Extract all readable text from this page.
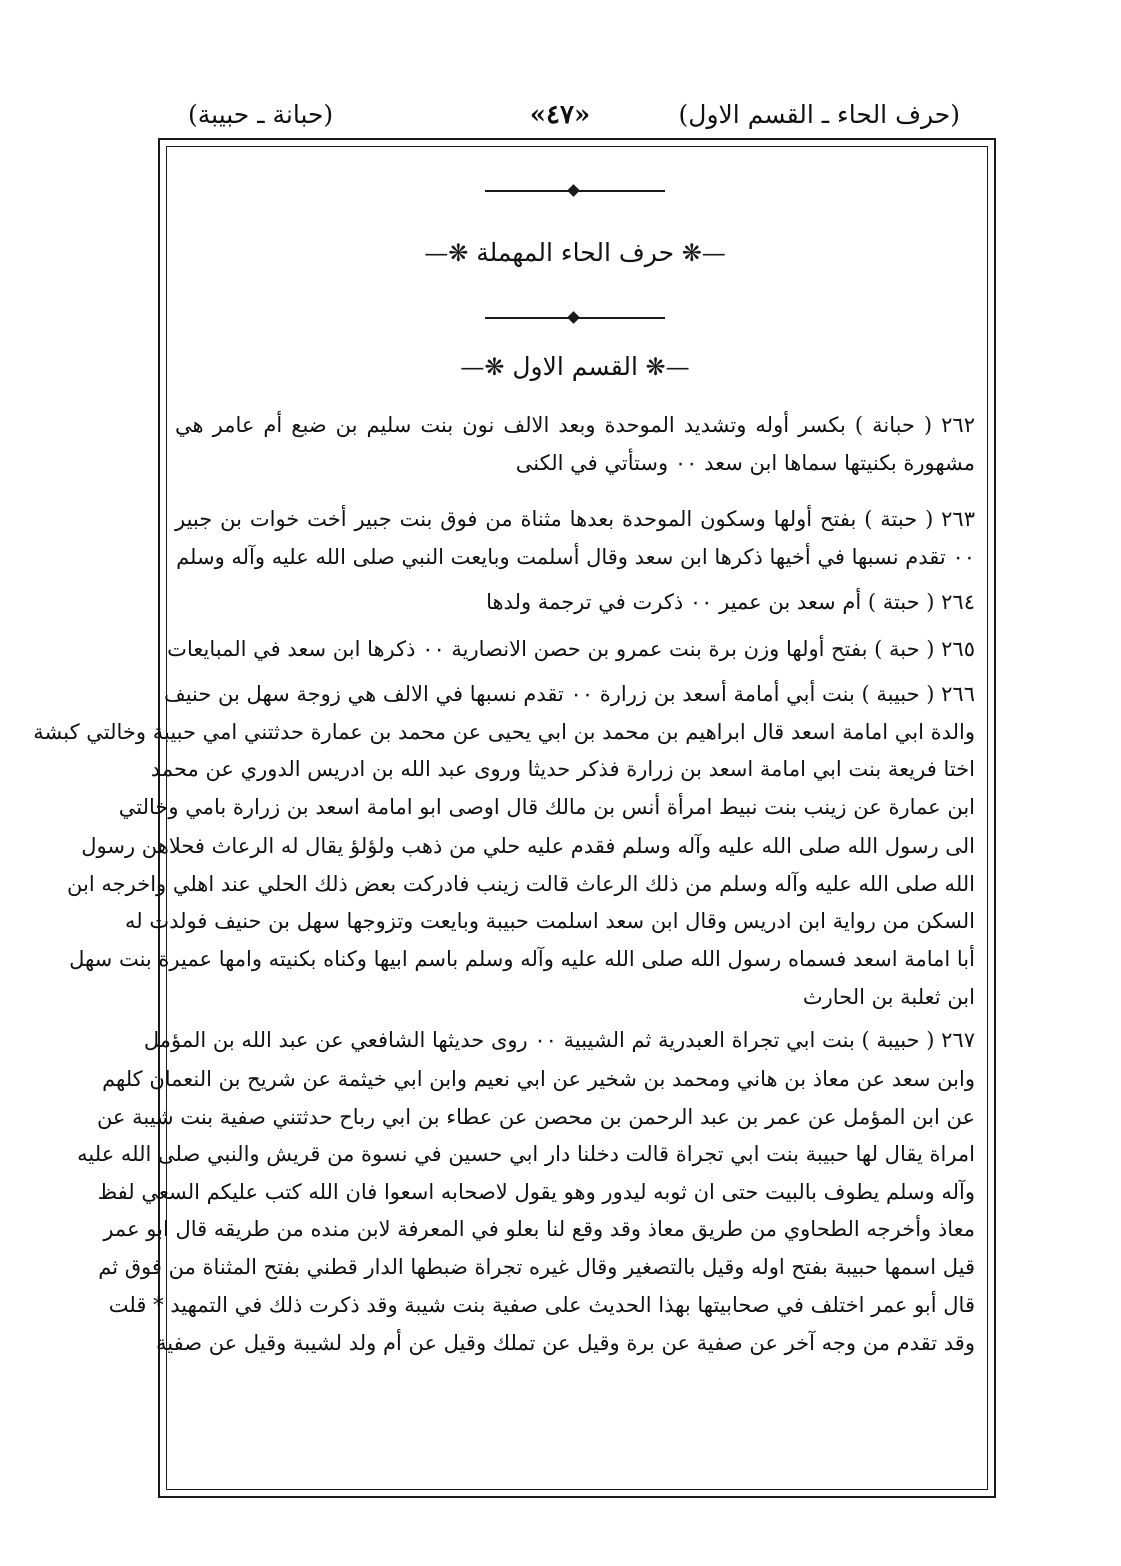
(حرف الحاء ـ القسم الاول)
«٤٧»
(حبانة ـ حبيبة)
—❋ حرف الحاء المهملة ❋—
—❋ القسم الاول ❋—
٢٦٢ ( حبانة ) بكسر أوله وتشديد الموحدة وبعد الالف نون بنت سليم بن ضبع أم عامر هي
مشهورة بكنيتها سماها ابن سعد ٠٠ وستأتي في الكنى
٢٦٣ ( حبتة ) بفتح أولها وسكون الموحدة بعدها مثناة من فوق بنت جبير أخت خوات بن جبير
٠٠ تقدم نسبها في أخيها ذكرها ابن سعد وقال أسلمت وبايعت النبي صلى الله عليه وآله وسلم
٢٦٤ ( حبتة ) أم سعد بن عمير ٠٠ ذكرت في ترجمة ولدها
٢٦٥ ( حبة ) بفتح أولها وزن برة بنت عمرو بن حصن الانصارية ٠٠ ذكرها ابن سعد في المبايعات
٢٦٦ ( حبيبة ) بنت أبي أمامة أسعد بن زرارة ٠٠ تقدم نسبها في الالف هي زوجة سهل بن حنيف
والدة ابي امامة اسعد قال ابراهيم بن محمد بن ابي يحيى عن محمد بن عمارة حدثتني امي حبيبة وخالتي كبشة
اختا فريعة بنت ابي امامة اسعد بن زرارة فذكر حديثا وروى عبد الله بن ادريس الدوري عن محمد
ابن عمارة عن زينب بنت نبيط امرأة أنس بن مالك قال اوصى ابو امامة اسعد بن زرارة بامي وخالتي
الى رسول الله صلى الله عليه وآله وسلم فقدم عليه حلي من ذهب ولؤلؤ يقال له الرعاث فحلاهن رسول
الله صلى الله عليه وآله وسلم من ذلك الرعاث قالت زينب فادركت بعض ذلك الحلي عند اهلي واخرجه ابن
السكن من رواية ابن ادريس وقال ابن سعد اسلمت حبيبة وبايعت وتزوجها سهل بن حنيف فولدت له
أبا امامة اسعد فسماه رسول الله صلى الله عليه وآله وسلم باسم ابيها وكناه بكنيته وامها عميرة بنت سهل
ابن ثعلبة بن الحارث
٢٦٧ ( حبيبة ) بنت ابي تجراة العبدرية ثم الشيبية ٠٠ روى حديثها الشافعي عن عبد الله بن المؤمل
وابن سعد عن معاذ بن هاني ومحمد بن شخير عن ابي نعيم وابن ابي خيثمة عن شريح بن النعمان كلهم
عن ابن المؤمل عن عمر بن عبد الرحمن بن محصن عن عطاء بن ابي رباح حدثتني صفية بنت شيبة عن
امراة يقال لها حبيبة بنت ابي تجراة قالت دخلنا دار ابي حسين في نسوة من قريش والنبي صلى الله عليه
وآله وسلم يطوف بالبيت حتى ان ثوبه ليدور وهو يقول لاصحابه اسعوا فان الله كتب عليكم السعي لفظ
معاذ وأخرجه الطحاوي من طريق معاذ وقد وقع لنا بعلو في المعرفة لابن منده من طريقه قال ابو عمر
قيل اسمها حبيبة بفتح اوله وقيل بالتصغير وقال غيره تجراة ضبطها الدار قطني بفتح المثناة من فوق ثم
قال أبو عمر اختلف في صحابيتها بهذا الحديث على صفية بنت شيبة وقد ذكرت ذلك في التمهيد * قلت
وقد تقدم من وجه آخر عن صفية عن برة وقيل عن تملك وقيل عن أم ولد لشيبة وقيل عن صفية
